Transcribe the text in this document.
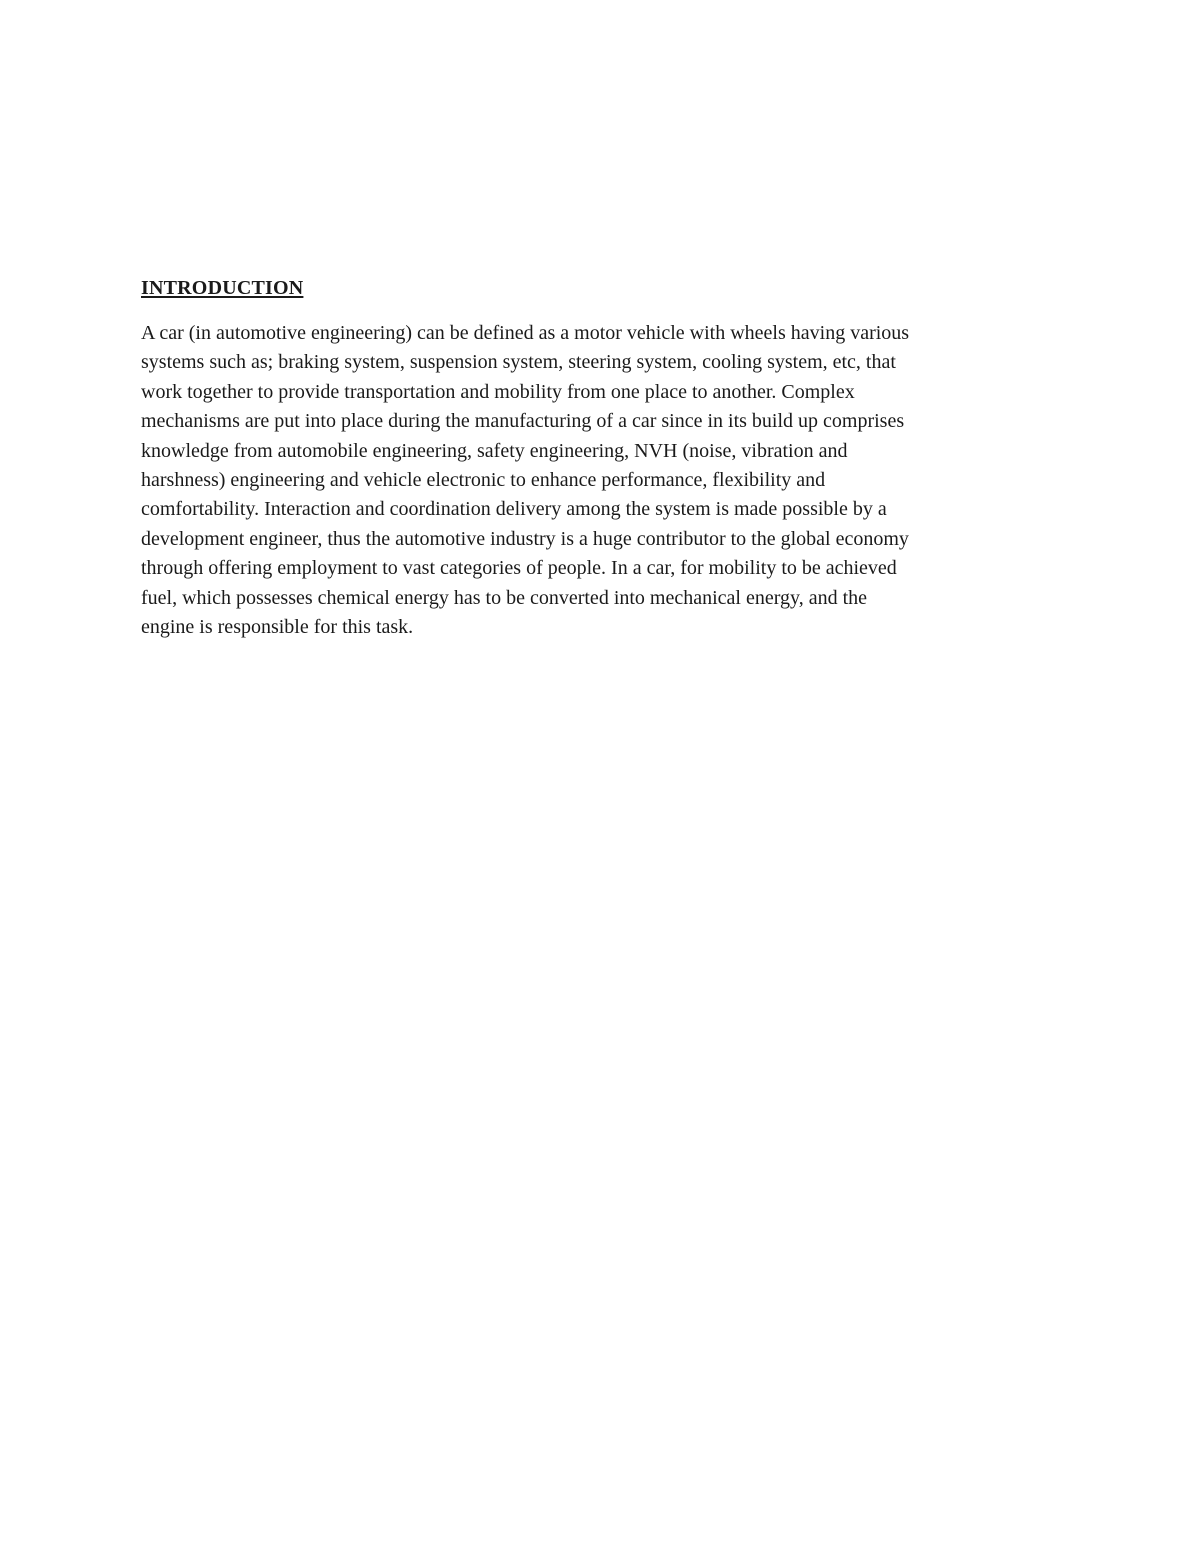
INTRODUCTION
A car (in automotive engineering) can be defined as a motor vehicle with wheels having various
systems such as; braking system, suspension system, steering system, cooling system, etc, that
work together to provide transportation and mobility from one place to another. Complex
mechanisms are put into place during the manufacturing of a car since in its build up comprises
knowledge from automobile engineering, safety engineering, NVH (noise, vibration and
harshness) engineering and vehicle electronic to enhance performance, flexibility and
comfortability. Interaction and coordination delivery among the system is made possible by a
development engineer, thus the automotive industry is a huge contributor to the global economy
through offering employment to vast categories of people. In a car, for mobility to be achieved
fuel, which possesses chemical energy has to be converted into mechanical energy, and the
engine is responsible for this task.
